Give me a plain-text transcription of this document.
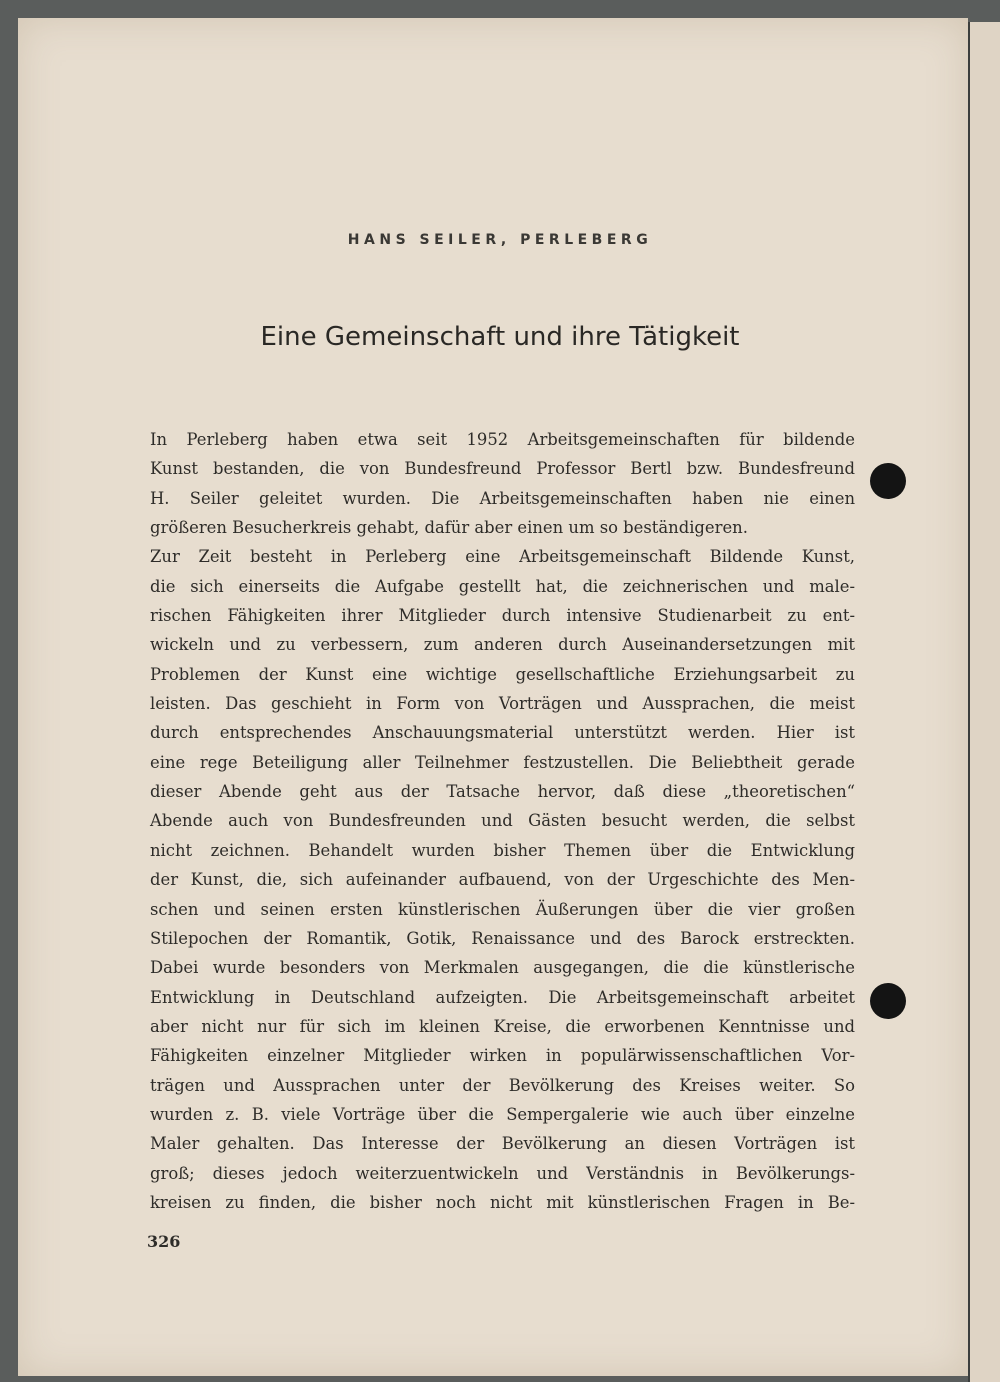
HANS SEILER, PERLEBERG
Eine Gemeinschaft und ihre Tätigkeit
In Perleberg haben etwa seit 1952 Arbeitsgemeinschaften für bildende
Kunst bestanden, die von Bundesfreund Professor Bertl bzw. Bundesfreund
H. Seiler geleitet wurden. Die Arbeitsgemeinschaften haben nie einen
größeren Besucherkreis gehabt, dafür aber einen um so beständigeren.
Zur Zeit besteht in Perleberg eine Arbeitsgemeinschaft Bildende Kunst,
die sich einerseits die Aufgabe gestellt hat, die zeichnerischen und male-
rischen Fähigkeiten ihrer Mitglieder durch intensive Studienarbeit zu ent-
wickeln und zu verbessern, zum anderen durch Auseinandersetzungen mit
Problemen der Kunst eine wichtige gesellschaftliche Erziehungsarbeit zu
leisten. Das geschieht in Form von Vorträgen und Aussprachen, die meist
durch entsprechendes Anschauungsmaterial unterstützt werden. Hier ist
eine rege Beteiligung aller Teilnehmer festzustellen. Die Beliebtheit gerade
dieser Abende geht aus der Tatsache hervor, daß diese „theoretischen“
Abende auch von Bundesfreunden und Gästen besucht werden, die selbst
nicht zeichnen. Behandelt wurden bisher Themen über die Entwicklung
der Kunst, die, sich aufeinander aufbauend, von der Urgeschichte des Men-
schen und seinen ersten künstlerischen Äußerungen über die vier großen
Stilepochen der Romantik, Gotik, Renaissance und des Barock erstreckten.
Dabei wurde besonders von Merkmalen ausgegangen, die die künstlerische
Entwicklung in Deutschland aufzeigten. Die Arbeitsgemeinschaft arbeitet
aber nicht nur für sich im kleinen Kreise, die erworbenen Kenntnisse und
Fähigkeiten einzelner Mitglieder wirken in populärwissenschaftlichen Vor-
trägen und Aussprachen unter der Bevölkerung des Kreises weiter. So
wurden z. B. viele Vorträge über die Sempergalerie wie auch über einzelne
Maler gehalten. Das Interesse der Bevölkerung an diesen Vorträgen ist
groß; dieses jedoch weiterzuentwickeln und Verständnis in Bevölkerungs-
kreisen zu finden, die bisher noch nicht mit künstlerischen Fragen in Be-
326
